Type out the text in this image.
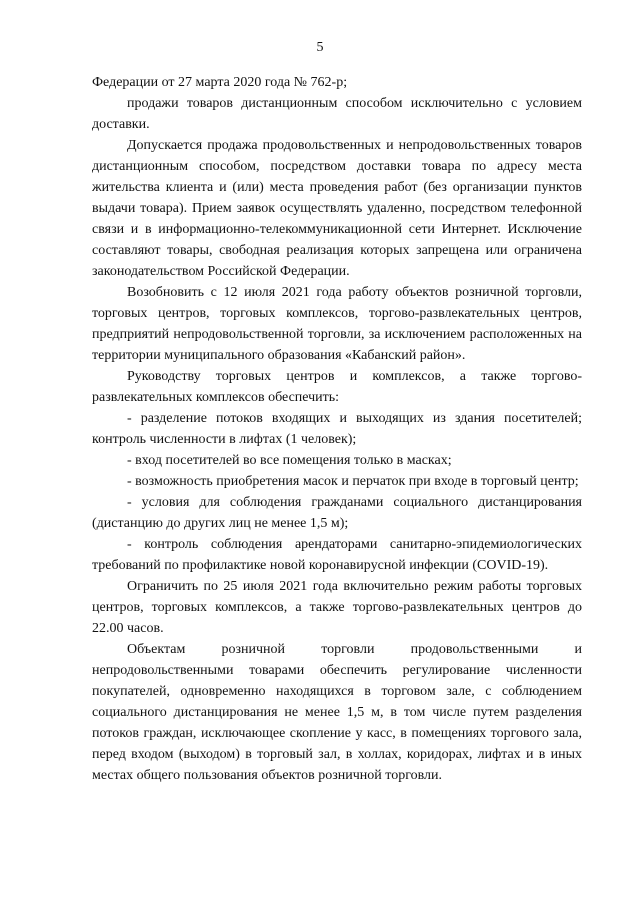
5

Федерации от 27 марта 2020 года № 762-р;

продажи товаров дистанционным способом исключительно с условием доставки.

Допускается продажа продовольственных и непродовольственных товаров дистанционным способом, посредством доставки товара по адресу места жительства клиента и (или) места проведения работ (без организации пунктов выдачи товара). Прием заявок осуществлять удаленно, посредством телефонной связи и в информационно-телекоммуникационной сети Интернет. Исключение составляют товары, свободная реализация которых запрещена или ограничена законодательством Российской Федерации.

Возобновить с 12 июля 2021 года работу объектов розничной торговли, торговых центров, торговых комплексов, торгово-развлекательных центров, предприятий непродовольственной торговли, за исключением расположенных на территории муниципального образования «Кабанский район».

Руководству торговых центров и комплексов, а также торгово-развлекательных комплексов обеспечить:

- разделение потоков входящих и выходящих из здания посетителей; контроль численности в лифтах (1 человек);

- вход посетителей во все помещения только в масках;

- возможность приобретения масок и перчаток при входе в торговый центр;

- условия для соблюдения гражданами социального дистанцирования (дистанцию до других лиц не менее 1,5 м);

- контроль соблюдения арендаторами санитарно-эпидемиологических требований по профилактике новой коронавирусной инфекции (COVID-19).

Ограничить по 25 июля 2021 года включительно режим работы торговых центров, торговых комплексов, а также торгово-развлекательных центров до 22.00 часов.

Объектам розничной торговли продовольственными и непродовольственными товарами обеспечить регулирование численности покупателей, одновременно находящихся в торговом зале, с соблюдением социального дистанцирования не менее 1,5 м, в том числе путем разделения потоков граждан, исключающее скопление у касс, в помещениях торгового зала, перед входом (выходом) в торговый зал, в холлах, коридорах, лифтах и в иных местах общего пользования объектов розничной торговли.
